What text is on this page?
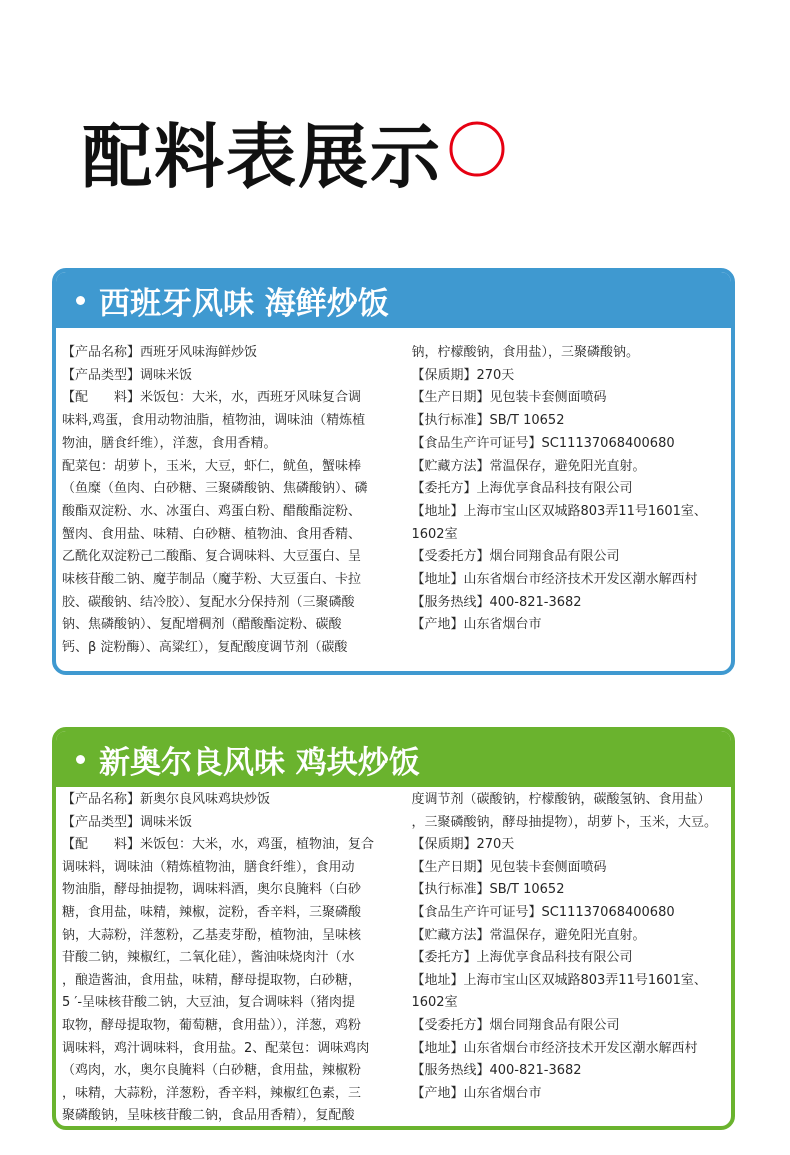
配料表展示
西班牙风味 海鲜炒饭
【产品名称】西班牙风味海鲜炒饭
【产品类型】调味米饭
【配　　料】米饭包：大米，水，西班牙风味复合调
味料,鸡蛋，食用动物油脂，植物油，调味油（精炼植
物油，膳食纤维），洋葱，食用香精。
配菜包：胡萝卜，玉米，大豆，虾仁，鱿鱼，蟹味棒
（鱼糜（鱼肉、白砂糖、三聚磷酸钠、焦磷酸钠）、磷
酸酯双淀粉、水、冰蛋白、鸡蛋白粉、醋酸酯淀粉、
蟹肉、食用盐、味精、白砂糖、植物油、食用香精、
乙酰化双淀粉己二酸酯、复合调味料、大豆蛋白、呈
味核苷酸二钠、魔芋制品（魔芋粉、大豆蛋白、卡拉
胶、碳酸钠、结冷胶）、复配水分保持剂（三聚磷酸
钠、焦磷酸钠）、复配增稠剂（醋酸酯淀粉、碳酸
钙、β 淀粉酶）、高粱红），复配酸度调节剂（碳酸
钠，柠檬酸钠，食用盐），三聚磷酸钠。
【保质期】270天
【生产日期】见包装卡套侧面喷码
【执行标准】SB/T 10652
【食品生产许可证号】SC11137068400680
【贮藏方法】常温保存，避免阳光直射。
【委托方】上海优享食品科技有限公司
【地址】上海市宝山区双城路803弄11号1601室、
1602室
【受委托方】烟台同翔食品有限公司
【地址】山东省烟台市经济技术开发区潮水解西村
【服务热线】400-821-3682
【产地】山东省烟台市
新奥尔良风味 鸡块炒饭
【产品名称】新奥尔良风味鸡块炒饭
【产品类型】调味米饭
【配　　料】米饭包：大米，水，鸡蛋，植物油，复合
调味料，调味油（精炼植物油，膳食纤维），食用动
物油脂，酵母抽提物，调味料酒，奥尔良腌料（白砂
糖，食用盐，味精，辣椒，淀粉，香辛料，三聚磷酸
钠，大蒜粉，洋葱粉，乙基麦芽酚，植物油，呈味核
苷酸二钠，辣椒红，二氧化硅），酱油味烧肉汁（水
，酿造酱油，食用盐，味精，酵母提取物，白砂糖，
5 ′-呈味核苷酸二钠，大豆油，复合调味料（猪肉提
取物，酵母提取物，葡萄糖，食用盐）），洋葱，鸡粉
调味料，鸡汁调味料，食用盐。2、配菜包：调味鸡肉
（鸡肉，水，奥尔良腌料（白砂糖，食用盐，辣椒粉
，味精，大蒜粉，洋葱粉，香辛料，辣椒红色素，三
聚磷酸钠，呈味核苷酸二钠，食品用香精），复配酸
度调节剂（碳酸钠，柠檬酸钠，碳酸氢钠、食用盐）
，三聚磷酸钠，酵母抽提物），胡萝卜，玉米，大豆。
【保质期】270天
【生产日期】见包装卡套侧面喷码
【执行标准】SB/T 10652
【食品生产许可证号】SC11137068400680
【贮藏方法】常温保存，避免阳光直射。
【委托方】上海优享食品科技有限公司
【地址】上海市宝山区双城路803弄11号1601室、
1602室
【受委托方】烟台同翔食品有限公司
【地址】山东省烟台市经济技术开发区潮水解西村
【服务热线】400-821-3682
【产地】山东省烟台市
